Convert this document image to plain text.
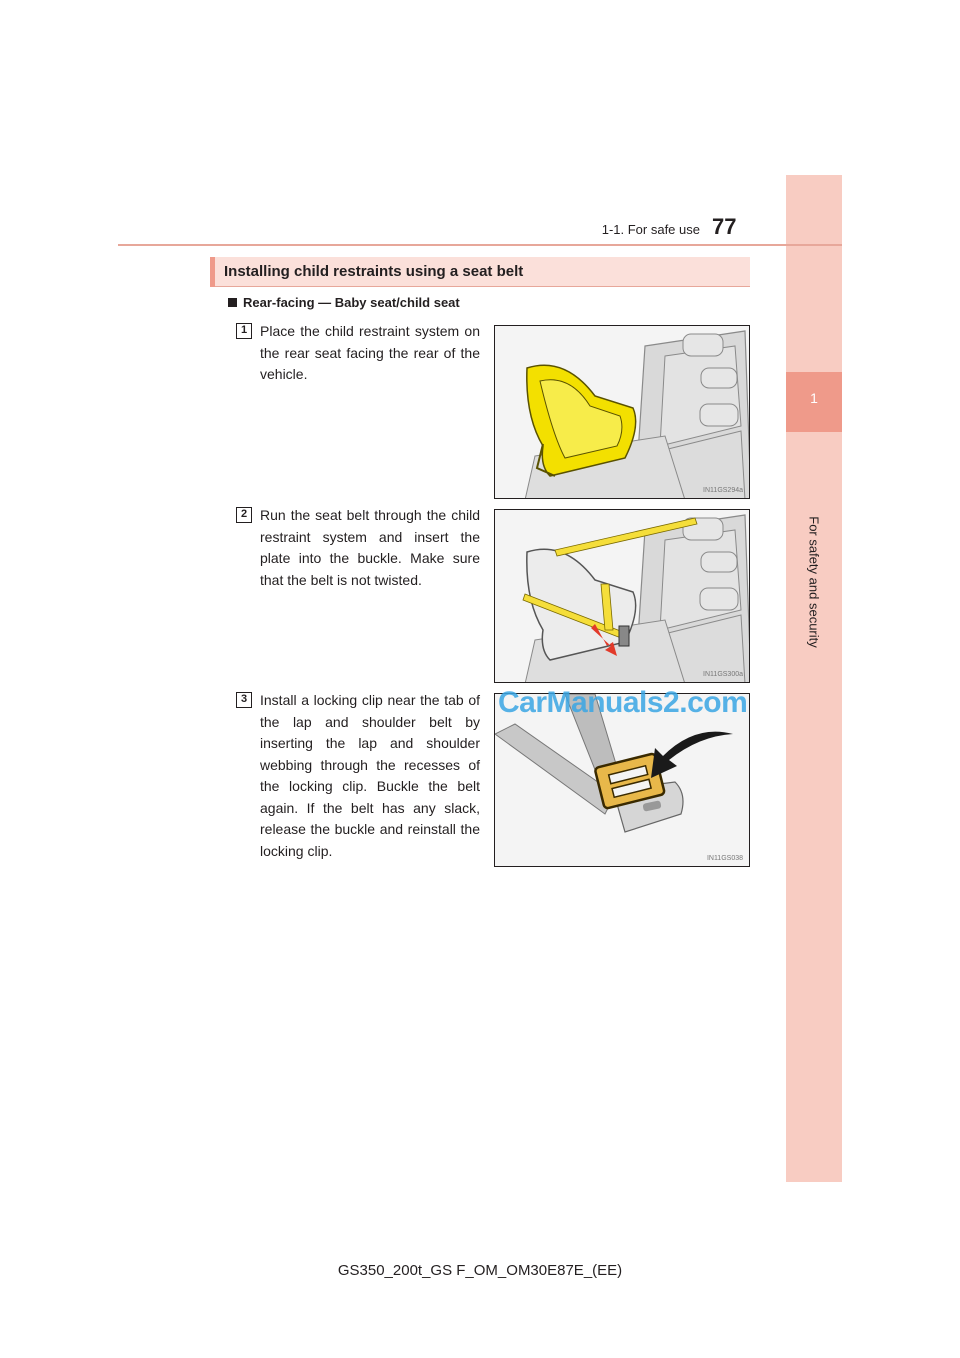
1
For safety and security
1-1. For safe use 77
Installing child restraints using a seat belt
Rear-facing — Baby seat/child seat
1 Place the child restraint system on the rear seat facing the rear of the vehicle.
IN11GS294a
2 Run the seat belt through the child restraint system and insert the plate into the buckle. Make sure that the belt is not twisted.
IN11GS300a
3 Install a locking clip near the tab of the lap and shoulder belt by inserting the lap and shoulder webbing through the recesses of the locking clip. Buckle the belt again. If the belt has any slack, release the buckle and reinstall the locking clip.	IN11GS038
CarManuals2.com
GS350_200t_GS F_OM_OM30E87E_(EE)
